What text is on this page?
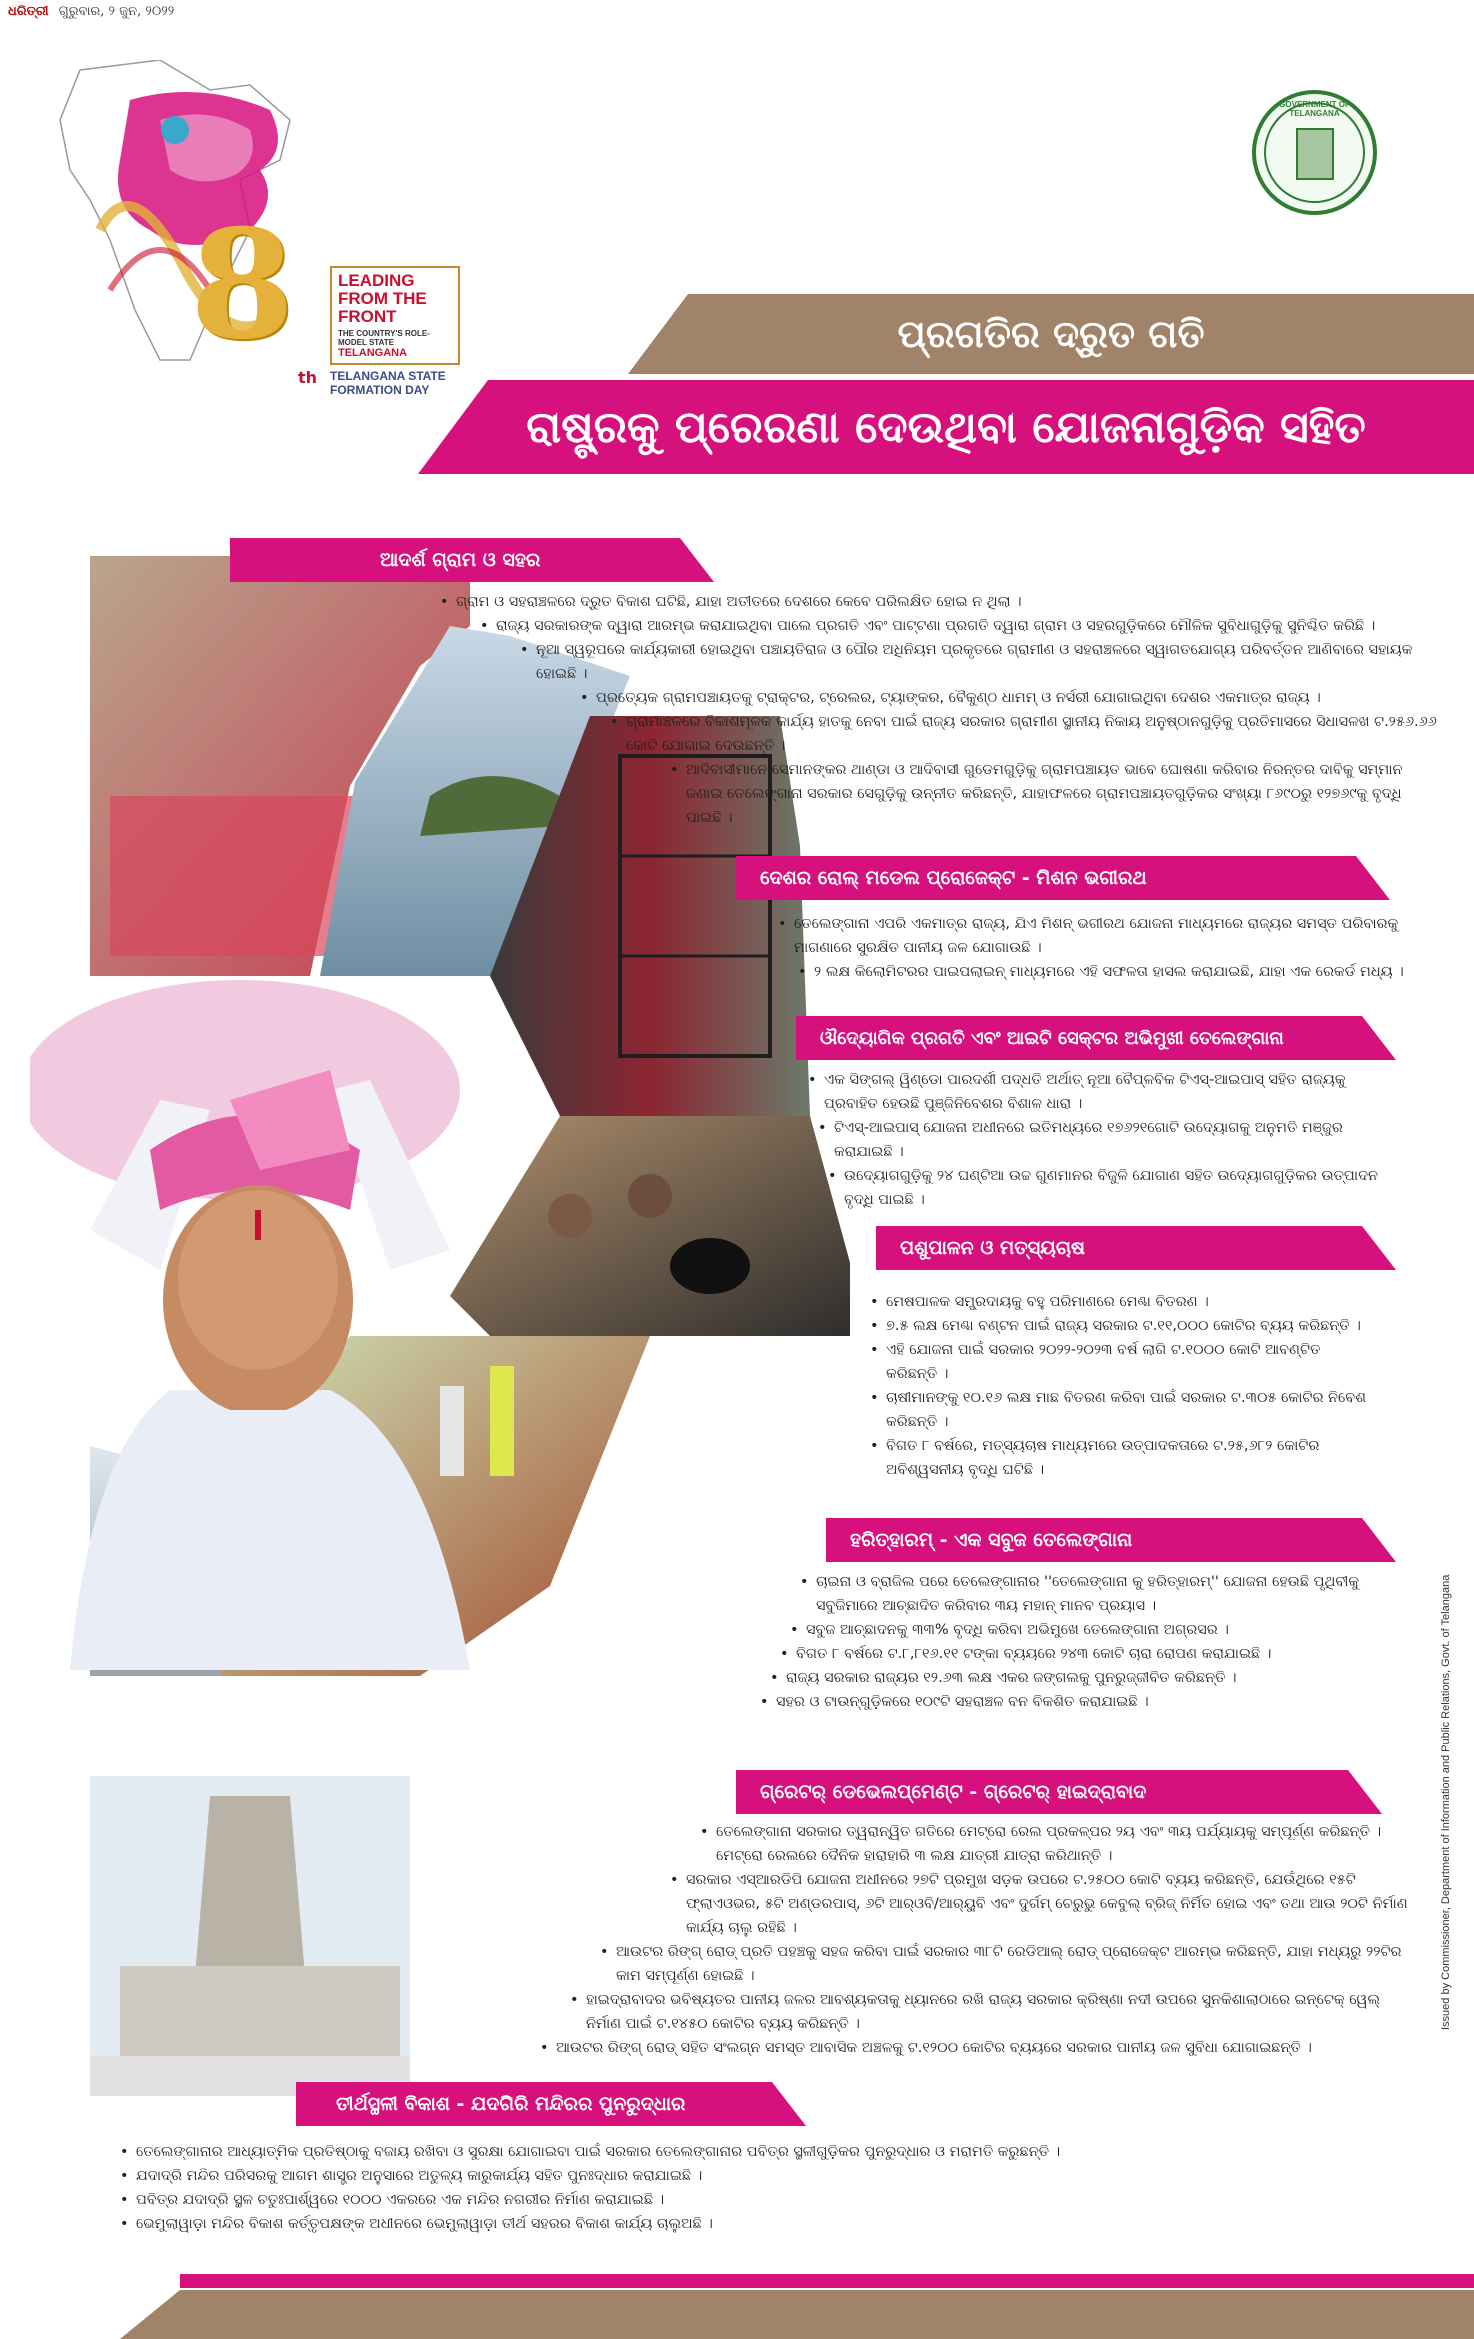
ଧରିତ୍ରୀ ଗୁରୁବାର, ୨ ଜୁନ, ୨୦୨୨
8
th
LEADING
FROM THE
FRONT
THE COUNTRY'S ROLE-MODEL STATE
TELANGANA
TELANGANA STATE
FORMATION DAY
GOVERNMENT OF TELANGANA
ପ୍ରଗତିର ଦ୍ରୁତ ଗତି
ରାଷ୍ଟ୍ରକୁ ପ୍ରେରଣା ଦେଉଥିବା ଯୋଜନାଗୁଡ଼ିକ ସହିତ
ଆଦର୍ଶ ଗ୍ରାମ ଓ ସହର
• ଗ୍ରାମ ଓ ସହରାଞ୍ଚଳରେ ଦ୍ରୁତ ବିକାଶ ଘଟିଛି, ଯାହା ଅତୀତରେ ଦେଶରେ କେବେ ପରିଲକ୍ଷିତ ହୋଇ ନ ଥିଲା ।
• ରାଜ୍ୟ ସରକାରଙ୍କ ଦ୍ୱାରା ଆରମ୍ଭ କରାଯାଇଥିବା ପାଲେ ପ୍ରଗତି ଏବଂ ପାଟ୍ଟଣା ପ୍ରଗତି ଦ୍ୱାରା ଗ୍ରାମ ଓ ସହରଗୁଡ଼ିକରେ ମୌଳିକ ସୁବିଧାଗୁଡ଼ିକୁ ସୁନିଶ୍ଚିତ କରିଛି ।
• ନୂଆ ସ୍ୱରୂପରେ କାର୍ଯ୍ୟକାରୀ ହୋଇଥିବା ପଞ୍ଚାୟତିରାଜ ଓ ପୌର ଅଧିନିୟମ ପ୍ରକୃତରେ ଗ୍ରାମୀଣ ଓ ସହରାଞ୍ଚଳରେ ସ୍ୱାଗତଯୋଗ୍ୟ ପରିବର୍ତ୍ତନ ଆଣିବାରେ ସହାୟକ ହୋଇଛି ।
• ପ୍ରତ୍ୟେକ ଗ୍ରାମପଞ୍ଚାୟତକୁ ଟ୍ରାକ୍ଟର, ଟ୍ରେଲର, ଟ୍ୟାଙ୍କର, ବୈକୁଣ୍ଠ ଧାମମ୍ ଓ ନର୍ସରୀ ଯୋଗାଇଥିବା ଦେଶର ଏକମାତ୍ର ରାଜ୍ୟ ।
• ଗ୍ରାମାଞ୍ଚଳରେ ବିକାଶମୂଳକ କାର୍ଯ୍ୟ ହାତକୁ ନେବା ପାଇଁ ରାଜ୍ୟ ସରକାର ଗ୍ରାମୀଣ ସ୍ଥାନୀୟ ନିକାୟ ଅନୁଷ୍ଠାନଗୁଡ଼ିକୁ ପ୍ରତିମାସରେ ସିଧାସଳଖ ଟ.୨୫୬.୬୬ କୋଟି ଯୋଗାଇ ଦେଉଛନ୍ତି ।
• ଆଦିବାସୀମାନେ ସେମାନଙ୍କର ଥାଣ୍ଡା ଓ ଆଦିବାସୀ ଗୁଡେମଗୁଡ଼ିକୁ ଗ୍ରାମପଞ୍ଚାୟତ ଭାବେ ଘୋଷଣା କରିବାର ନିରନ୍ତର ଦାବିକୁ ସମ୍ମାନ ଜଣାଇ ତେଲେଙ୍ଗାନା ସରକାର ସେଗୁଡ଼ିକୁ ଉନ୍ନୀତ କରିଛନ୍ତି, ଯାହାଫଳରେ ଗ୍ରାମପଞ୍ଚାୟତଗୁଡ଼ିକର ସଂଖ୍ୟା ୮୬୯୦ରୁ ୧୨୭୬୯କୁ ବୃଦ୍ଧି ପାଇଛି ।
ଦେଶର ରୋଲ୍ ମଡେଲ ପ୍ରୋଜେକ୍ଟ - ମିଶନ ଭଗୀରଥ
• ତେଲେଙ୍ଗାନା ଏପରି ଏକମାତ୍ର ରାଜ୍ୟ, ଯିଏ ମିଶନ୍ ଭଗୀରଥ ଯୋଜନା ମାଧ୍ୟମରେ ରାଜ୍ୟର ସମସ୍ତ ପରିବାରକୁ ମାଗଣାରେ ସୁରକ୍ଷିତ ପାନୀୟ ଜଳ ଯୋଗାଉଛି ।
• ୨ ଲକ୍ଷ କିଲୋମିଟରର ପାଇପଲାଇନ୍ ମାଧ୍ୟମରେ ଏହି ସଫଳତା ହାସଲ କରାଯାଇଛି, ଯାହା ଏକ ରେକର୍ଡ ମଧ୍ୟ ।
ଔଦ୍ୟୋଗିକ ପ୍ରଗତି ଏବଂ ଆଇଟି ସେକ୍ଟର ଅଭିମୁଖୀ ତେଲେଙ୍ଗାନା
• ଏକ ସିଙ୍ଗଲ୍ ୱିଣ୍ଡୋ ପାରଦର୍ଶୀ ପଦ୍ଧତି ଅର୍ଥାତ୍ ନୂଆ ବୈପ୍ଳବିକ ଟିଏସ୍-ଆଇପାସ୍ ସହିତ ରାଜ୍ୟକୁ ପ୍ରବାହିତ ହେଉଛି ପୁଞ୍ଜିନିବେଶର ବିଶାଳ ଧାରା ।
• ଟିଏସ୍-ଆଇପାସ୍ ଯୋଜନା ଅଧୀନରେ ଇତିମଧ୍ୟରେ ୧୭୬୨୧ଗୋଟି ଉଦ୍ୟୋଗକୁ ଅନୁମତି ମଞ୍ଜୁର କରାଯାଇଛି ।
• ଉଦ୍ୟୋଗଗୁଡ଼ିକୁ ୨୪ ଘଣ୍ଟିଆ ଉଚ୍ଚ ଗୁଣମାନର ବିଜୁଳି ଯୋଗାଣ ସହିତ ଉଦ୍ୟୋଗଗୁଡ଼ିକର ଉତ୍ପାଦନ ବୃଦ୍ଧି ପାଇଛି ।
ପଶୁପାଳନ ଓ ମତ୍ସ୍ୟଚାଷ
• ମେଷପାଳକ ସମ୍ପ୍ରଦାୟକୁ ବହୁ ପରିମାଣରେ ମେଣ୍ଢା ବିତରଣ ।
• ୭.୫ ଲକ୍ଷ ମେଣ୍ଢା ବଣ୍ଟନ ପାଇଁ ରାଜ୍ୟ ସରକାର ଟ.୧୧,୦୦୦ କୋଟିର ବ୍ୟୟ କରିଛନ୍ତି ।
• ଏହି ଯୋଜନା ପାଇଁ ସରକାର ୨୦୨୨-୨୦୨୩ ବର୍ଷ ଲାଗି ଟ.୧୦୦୦ କୋଟି ଆବଣ୍ଟିତ କରିଛନ୍ତି ।
• ଚାଷୀମାନଙ୍କୁ ୧୦.୧୬ ଲକ୍ଷ ମାଛ ବିତରଣ କରିବା ପାଇଁ ସରକାର ଟ.୩୦୫ କୋଟିର ନିବେଶ କରିଛନ୍ତି ।
• ବିଗତ ୮ ବର୍ଷରେ, ମତ୍ସ୍ୟଚାଷ ମାଧ୍ୟମରେ ଉତ୍ପାଦକତାରେ ଟ.୨୫,୬୮୨ କୋଟିର ଅବିଶ୍ୱସନୀୟ ବୃଦ୍ଧି ଘଟିଛି ।
ହରିତ୍‌ହାରମ୍ - ଏକ ସବୁଜ ତେଲେଙ୍ଗାନା
• ଚାଇନା ଓ ବ୍ରାଜିଲ ପରେ ତେଲେଙ୍ଗାନାର ''ତେଲେଙ୍ଗାନା କୁ ହରିତ୍‌ହାରମ୍'' ଯୋଜନା ହେଉଛି ପୃଥିବୀକୁ ସବୁଜିମାରେ ଆଚ୍ଛାଦିତ କରିବାର ୩ୟ ମହାନ୍ ମାନବ ପ୍ରୟାସ ।
• ସବୁଜ ଆଚ୍ଛାଦନକୁ ୩୩% ବୃଦ୍ଧି କରିବା ଅଭିମୁଖେ ତେଲେଙ୍ଗାନା ଅଗ୍ରସର ।
• ବିଗତ ୮ ବର୍ଷରେ ଟ.୮,୮୧୬.୧୧ ଟଙ୍କା ବ୍ୟୟରେ ୨୪୩ କୋଟି ଚାରା ରୋପଣ କରାଯାଇଛି ।
• ରାଜ୍ୟ ସରକାର ରାଜ୍ୟର ୧୨.୬୩ ଲକ୍ଷ ଏକର ଜଙ୍ଗଲକୁ ପୁନରୁଜ୍ଜୀବିତ କରିଛନ୍ତି ।
• ସହର ଓ ଟାଉନ୍‌ଗୁଡ଼ିକରେ ୧୦୯ଟି ସହରାଞ୍ଚଳ ବନ ବିକଶିତ କରାଯାଇଛି ।
ଗ୍ରେଟର୍ ଡେଭେଲପ୍‌ମେଣ୍ଟ - ଗ୍ରେଟର୍ ହାଇଦ୍ରାବାଦ
• ତେଲେଙ୍ଗାନା ସରକାର ତ୍ୱରାନ୍ୱିତ ଗତିରେ ମେଟ୍ରୋ ରେଲ ପ୍ରକଳ୍ପର ୨ୟ ଏବଂ ୩ୟ ପର୍ଯ୍ୟାୟକୁ ସମ୍ପୂର୍ଣ୍ଣ କରିଛନ୍ତି । ମେଟ୍ରୋ ରେଲରେ ଦୈନିକ ହାରାହାରି ୩ ଲକ୍ଷ ଯାତ୍ରୀ ଯାତ୍ରା କରିଥାନ୍ତି ।
• ସରକାର ଏସ୍‌ଆରଡିପି ଯୋଜନା ଅଧୀନରେ ୨୭ଟି ପ୍ରମୁଖ ସଡ଼କ ଉପରେ ଟ.୨୫୦୦ କୋଟି ବ୍ୟୟ କରିଛନ୍ତି, ଯେଉଁଥିରେ ୧୫ଟି ଫ୍ଲାଏଓଭର, ୫ଟି ଅଣ୍ଡରପାସ୍, ୬ଟି ଆର୍‌ଓବି/ଆର୍‌ୟୁବି ଏବଂ ଦୁର୍ଗମ୍ ଚେରୁଭୁ କେବୁଲ୍ ବ୍ରିଜ୍ ନିର୍ମିତ ହୋଇ ଏବଂ ତଥା ଆଉ ୨୦ଟି ନିର୍ମାଣ କାର୍ଯ୍ୟ ଚାଲୁ ରହିଛି ।
• ଆଉଟର ରିଙ୍ଗ୍ ରୋଡ୍ ପ୍ରତି ପହଞ୍ଚକୁ ସହଜ କରିବା ପାଇଁ ସରକାର ୩୮ଟି ରେଡିଆଲ୍ ରୋଡ୍ ପ୍ରୋଜେକ୍ଟ ଆରମ୍ଭ କରିଛନ୍ତି, ଯାହା ମଧ୍ୟରୁ ୨୨ଟିର କାମ ସମ୍ପୂର୍ଣ୍ଣ ହୋଇଛି ।
• ହାଇଦ୍ରାବାଦର ଭବିଷ୍ୟତର ପାନୀୟ ଜଳର ଆବଶ୍ୟକତାକୁ ଧ୍ୟାନରେ ରଖି ରାଜ୍ୟ ସରକାର କ୍ରିଷ୍ଣା ନଦୀ ଉପରେ ସୁନକିଶାଲାଠାରେ ଇନ୍‌ଟେକ୍ ୱେଲ୍ ନିର୍ମାଣ ପାଇଁ ଟ.୧୪୫୦ କୋଟିର ବ୍ୟୟ କରିଛନ୍ତି ।
• ଆଉଟର ରିଙ୍ଗ୍ ରୋଡ୍ ସହିତ ସଂଲଗ୍ନ ସମସ୍ତ ଆବାସିକ ଅଞ୍ଚଳକୁ ଟ.୧୨୦୦ କୋଟିର ବ୍ୟୟରେ ସରକାର ପାନୀୟ ଜଳ ସୁବିଧା ଯୋଗାଇଛନ୍ତି ।
ତୀର୍ଥସ୍ଥଳୀ ବିକାଶ - ଯଦଗିରି ମନ୍ଦିରର ପୁନରୁଦ୍ଧାର
• ତେଲେଙ୍ଗାନାର ଆଧ୍ୟାତ୍ମିକ ପ୍ରତିଷ୍ଠାକୁ ବଜାୟ ରଖିବା ଓ ସୁରକ୍ଷା ଯୋଗାଇବା ପାଇଁ ସରକାର ତେଲେଙ୍ଗାନାର ପବିତ୍ର ସ୍ଥଳୀଗୁଡ଼ିକର ପୁନରୁଦ୍ଧାର ଓ ମରାମତି କରୁଛନ୍ତି ।
• ଯଦାଦ୍ରି ମନ୍ଦିର ପରିସରକୁ ଆଗମ ଶାସ୍ତ୍ର ଅନୁସାରେ ଅତୁଳ୍ୟ କାରୁକାର୍ଯ୍ୟ ସହିତ ପୁନଃଦ୍ଧାର କରାଯାଇଛି ।
• ପବିତ୍ର ଯଦାଦ୍ରି ସ୍ଥଳ ଚତୁଃପାର୍ଶ୍ୱରେ ୧୦୦୦ ଏକରରେ ଏକ ମନ୍ଦିର ନଗରୀର ନିର୍ମାଣ କରାଯାଇଛି ।
• ଭେମୁଲାୱାଡ଼ା ମନ୍ଦିର ବିକାଶ କର୍ତ୍ତୃପକ୍ଷଙ୍କ ଅଧୀନରେ ଭେମୁଲାୱାଡ଼ା ତୀର୍ଥ ସହରର ବିକାଶ କାର୍ଯ୍ୟ ଚାଲୁଅଛି ।
Issued by Commissioner, Department of Information and Public Relations, Govt. of Telangana
